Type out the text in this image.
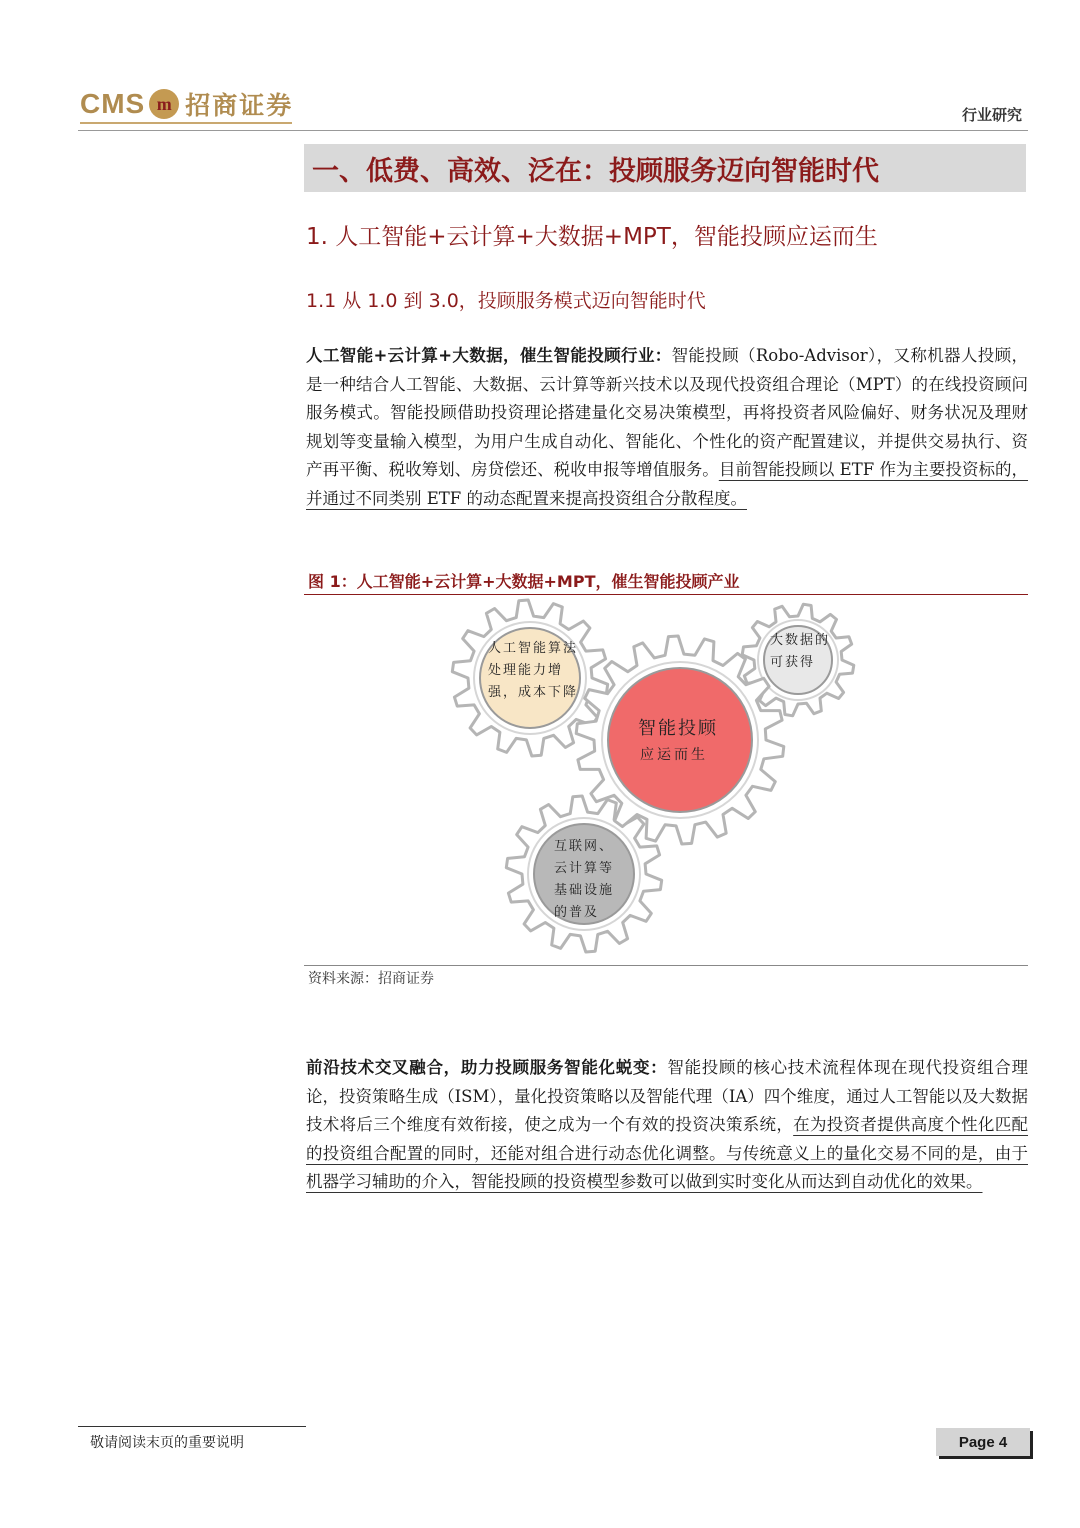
CMS m 招商证券	行业研究
一、低费、高效、泛在：投顾服务迈向智能时代
1. 人工智能+云计算+大数据+MPT，智能投顾应运而生
1.1 从 1.0 到 3.0，投顾服务模式迈向智能时代
人工智能+云计算+大数据，催生智能投顾行业：智能投顾（Robo-Advisor），又称机器人投顾，是一种结合人工智能、大数据、云计算等新兴技术以及现代投资组合理论（MPT）的在线投资顾问服务模式。智能投顾借助投资理论搭建量化交易决策模型，再将投资者风险偏好、财务状况及理财规划等变量输入模型，为用户生成自动化、智能化、个性化的资产配置建议，并提供交易执行、资产再平衡、税收筹划、房贷偿还、税收申报等增值服务。目前智能投顾以 ETF 作为主要投资标的，并通过不同类别 ETF 的动态配置来提高投资组合分散程度。
图 1：人工智能+云计算+大数据+MPT，催生智能投顾产业
人工智能算法处理能力增强，成本下降
大数据的可获得
互联网、云计算等基础设施的普及
智能投顾
应运而生
资料来源：招商证券
前沿技术交叉融合，助力投顾服务智能化蜕变：智能投顾的核心技术流程体现在现代投资组合理论，投资策略生成（ISM），量化投资策略以及智能代理（IA）四个维度，通过人工智能以及大数据技术将后三个维度有效衔接，使之成为一个有效的投资决策系统，在为投资者提供高度个性化匹配的投资组合配置的同时，还能对组合进行动态优化调整。与传统意义上的量化交易不同的是，由于机器学习辅助的介入，智能投顾的投资模型参数可以做到实时变化从而达到自动优化的效果。
敬请阅读末页的重要说明	Page 4
